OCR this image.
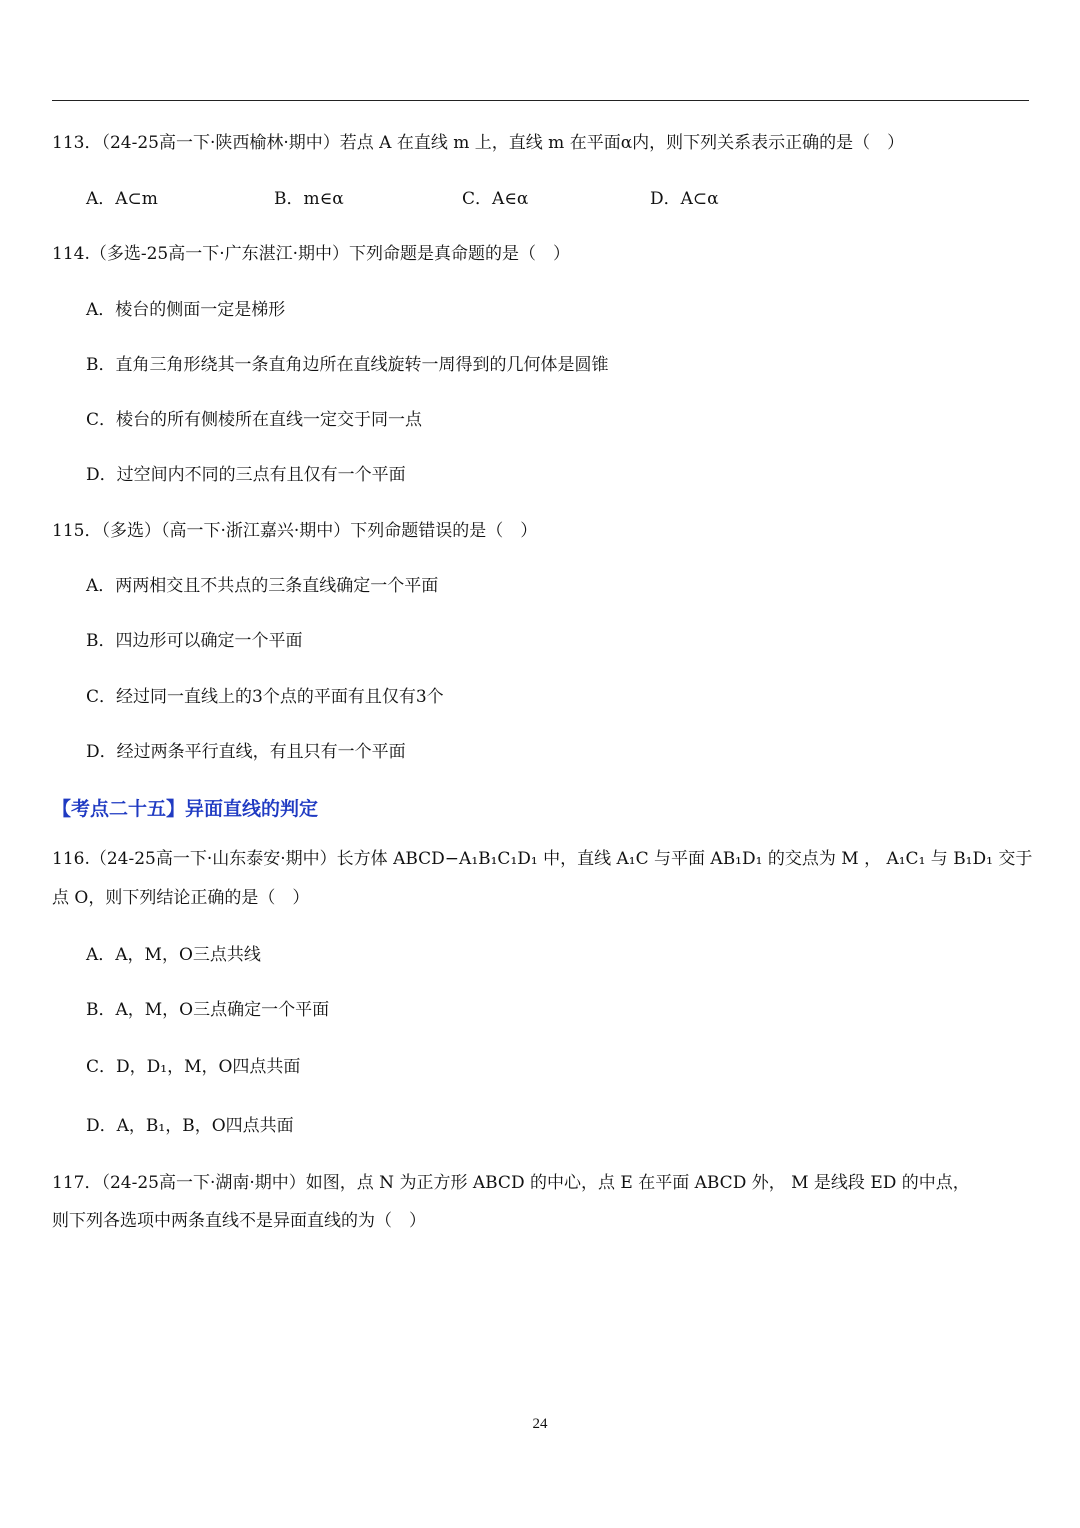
113．（24-25高一下·陕西榆林·期中）若点 A 在直线 m 上，直线 m 在平面α内，则下列关系表示正确的是（　）
A．A⊂m	B．m∈α	C．A∈α	D．A⊂α
114.（多选-25高一下·广东湛江·期中）下列命题是真命题的是（　）
A．棱台的侧面一定是梯形
B．直角三角形绕其一条直角边所在直线旋转一周得到的几何体是圆锥
C．棱台的所有侧棱所在直线一定交于同一点
D．过空间内不同的三点有且仅有一个平面
115．（多选）（高一下·浙江嘉兴·期中）下列命题错误的是（　）
A．两两相交且不共点的三条直线确定一个平面
B．四边形可以确定一个平面
C．经过同一直线上的3个点的平面有且仅有3个
D．经过两条平行直线，有且只有一个平面
【考点二十五】异面直线的判定
116.（24-25高一下·山东泰安·期中）长方体 ABCD−A₁B₁C₁D₁ 中，直线 A₁C 与平面 AB₁D₁ 的交点为 M ， A₁C₁ 与 B₁D₁ 交于
点 O，则下列结论正确的是（　）
A．A，M，O三点共线
B．A，M，O三点确定一个平面
C．D，D₁，M，O四点共面
D．A，B₁，B，O四点共面
117．（24-25高一下·湖南·期中）如图，点 N 为正方形 ABCD 的中心，点 E 在平面 ABCD 外， M 是线段 ED 的中点，
则下列各选项中两条直线不是异面直线的为（　）
24
